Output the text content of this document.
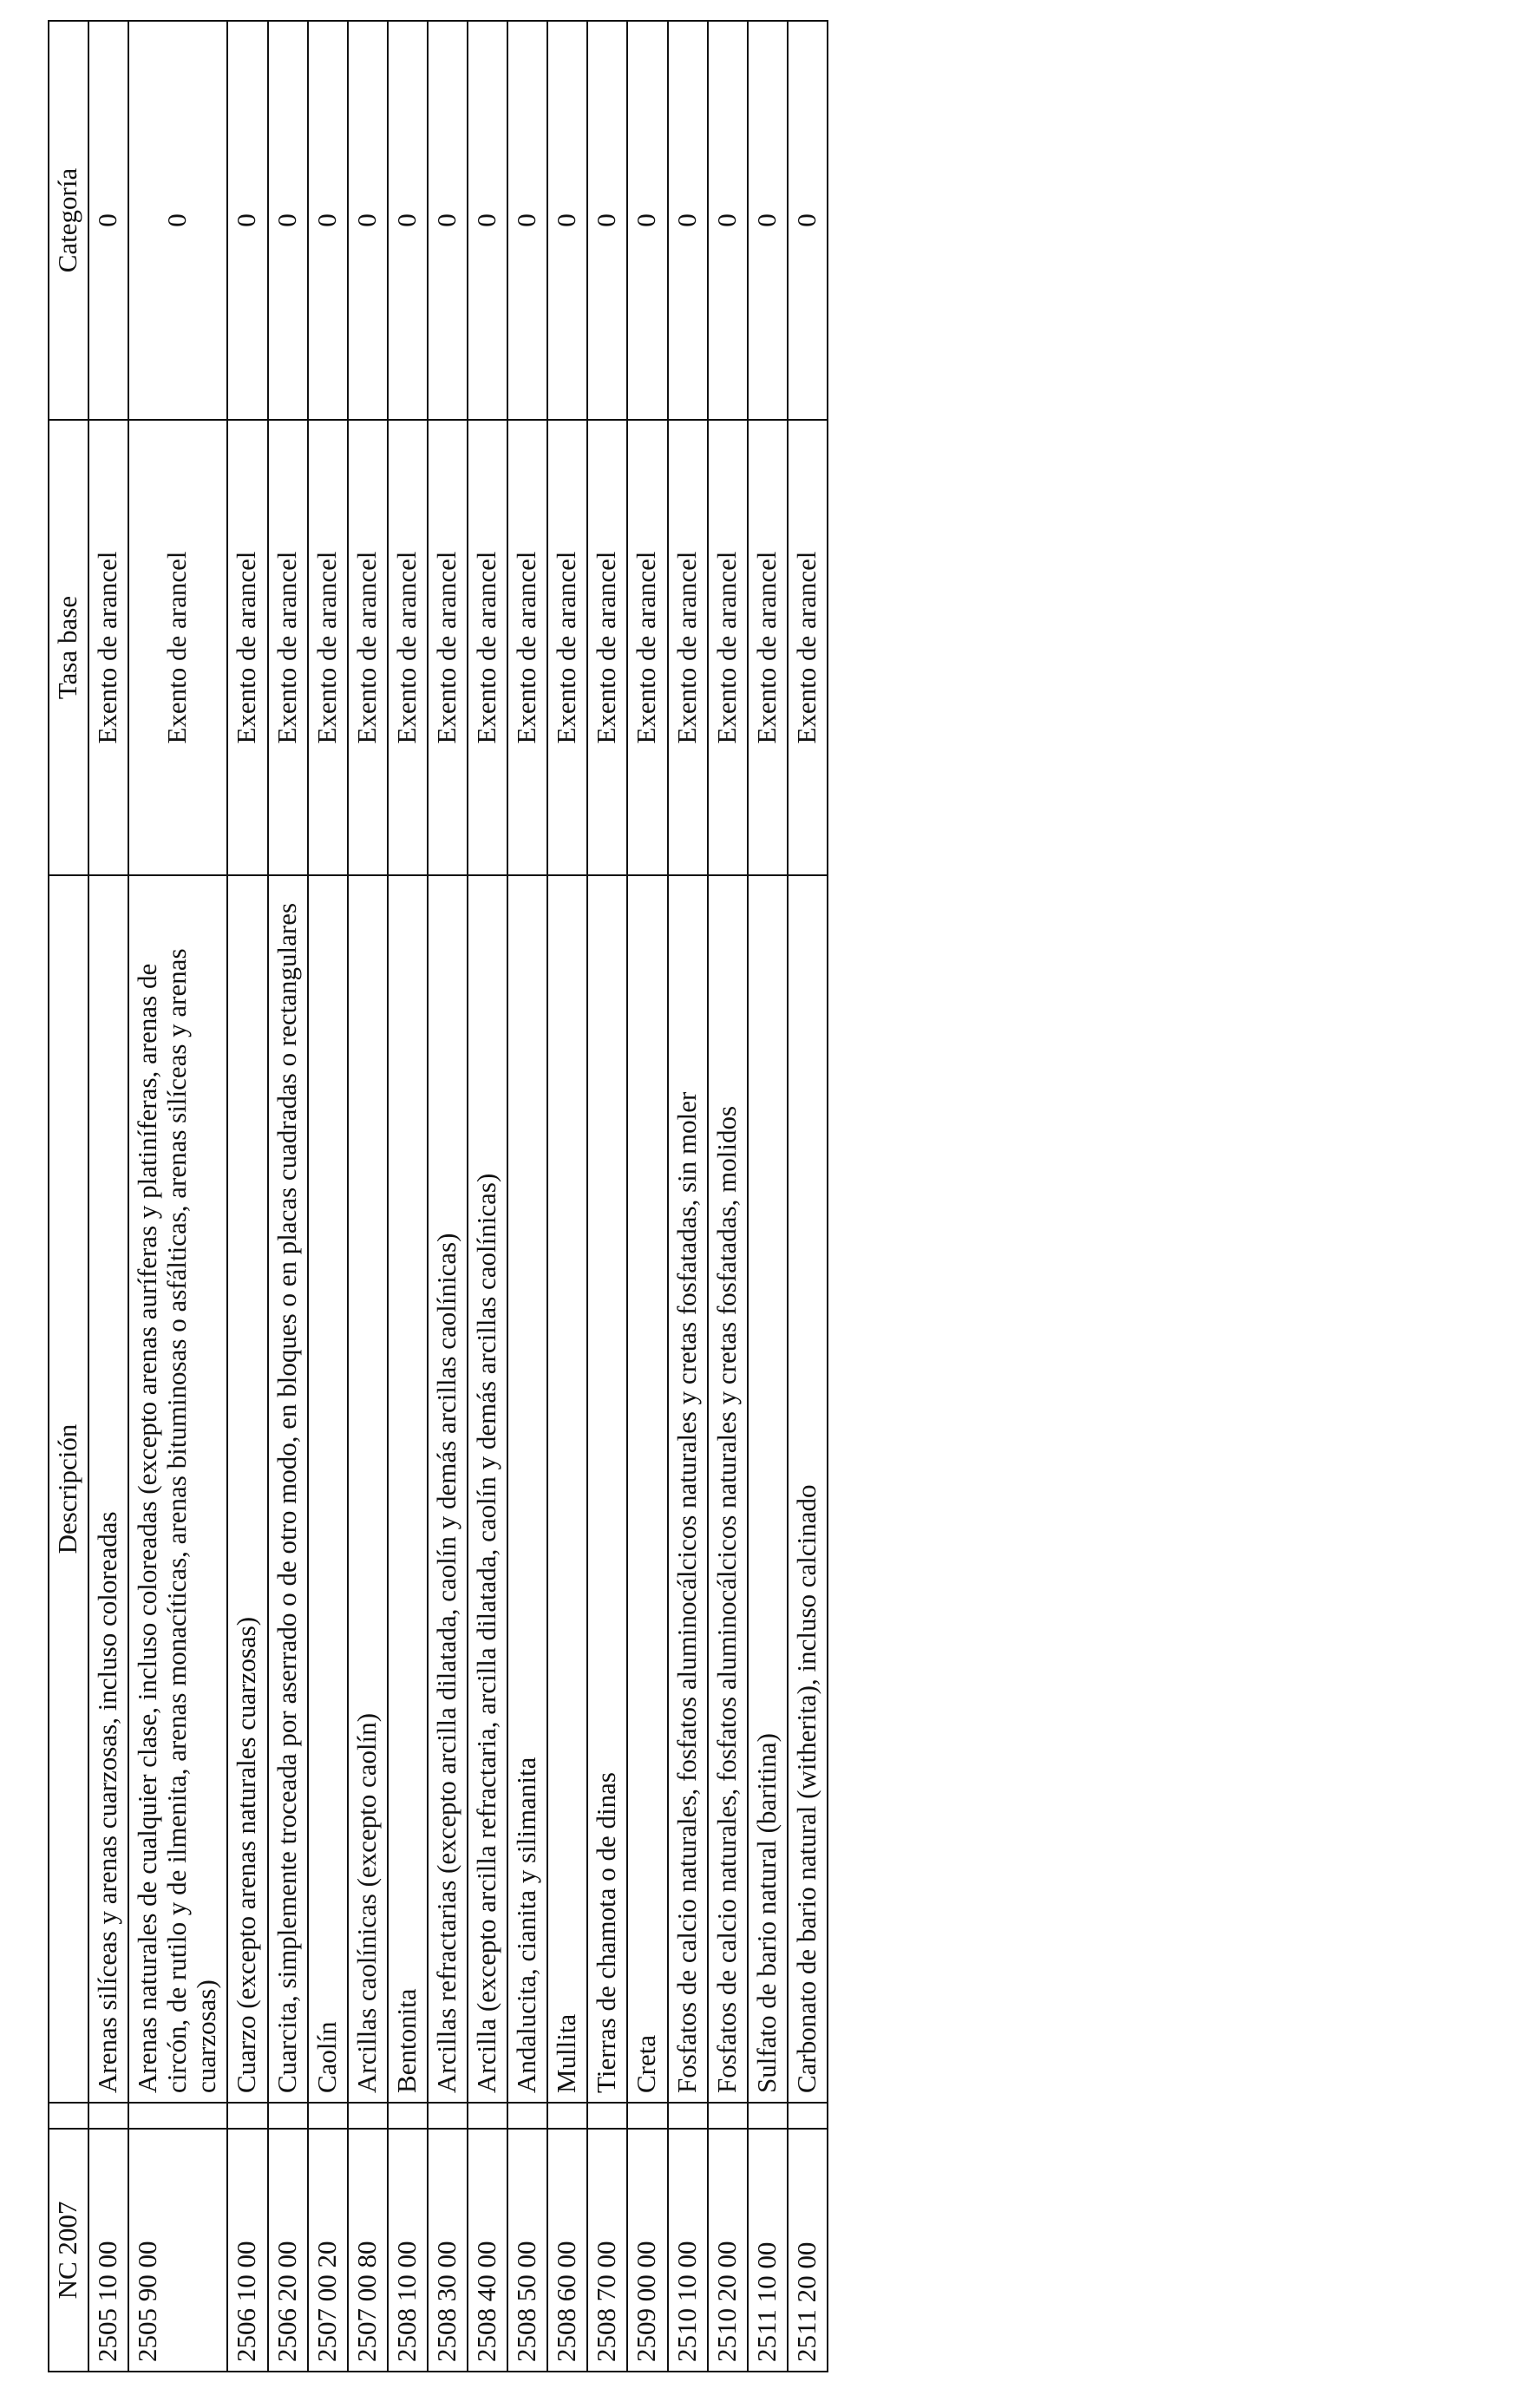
NC 2007		Descripción	Tasa base	Categoría
2505 10 00		Arenas silíceas y arenas cuarzosas, incluso coloreadas	Exento de arancel	0
2505 90 00		Arenas naturales de cualquier clase, incluso coloreadas (excepto arenas auríferas y platiníferas, arenas de circón, de rutilo y de ilmenita, arenas monacíticas, arenas bituminosas o asfálticas, arenas silíceas y arenas cuarzosas)	Exento de arancel	0
2506 10 00		Cuarzo (excepto arenas naturales cuarzosas)	Exento de arancel	0
2506 20 00		Cuarcita, simplemente troceada por aserrado o de otro modo, en bloques o en placas cuadradas o rectangulares	Exento de arancel	0
2507 00 20		Caolín	Exento de arancel	0
2507 00 80		Arcillas caolínicas (excepto caolín)	Exento de arancel	0
2508 10 00		Bentonita	Exento de arancel	0
2508 30 00		Arcillas refractarias (excepto arcilla dilatada, caolín y demás arcillas caolínicas)	Exento de arancel	0
2508 40 00		Arcilla (excepto arcilla refractaria, arcilla dilatada, caolín y demás arcillas caolínicas)	Exento de arancel	0
2508 50 00		Andalucita, cianita y silimanita	Exento de arancel	0
2508 60 00		Mullita	Exento de arancel	0
2508 70 00		Tierras de chamota o de dinas	Exento de arancel	0
2509 00 00		Creta	Exento de arancel	0
2510 10 00		Fosfatos de calcio naturales, fosfatos aluminocálcicos naturales y cretas fosfatadas, sin moler	Exento de arancel	0
2510 20 00		Fosfatos de calcio naturales, fosfatos aluminocálcicos naturales y cretas fosfatadas, molidos	Exento de arancel	0
2511 10 00		Sulfato de bario natural (baritina)	Exento de arancel	0
2511 20 00		Carbonato de bario natural (witherita), incluso calcinado	Exento de arancel	0
